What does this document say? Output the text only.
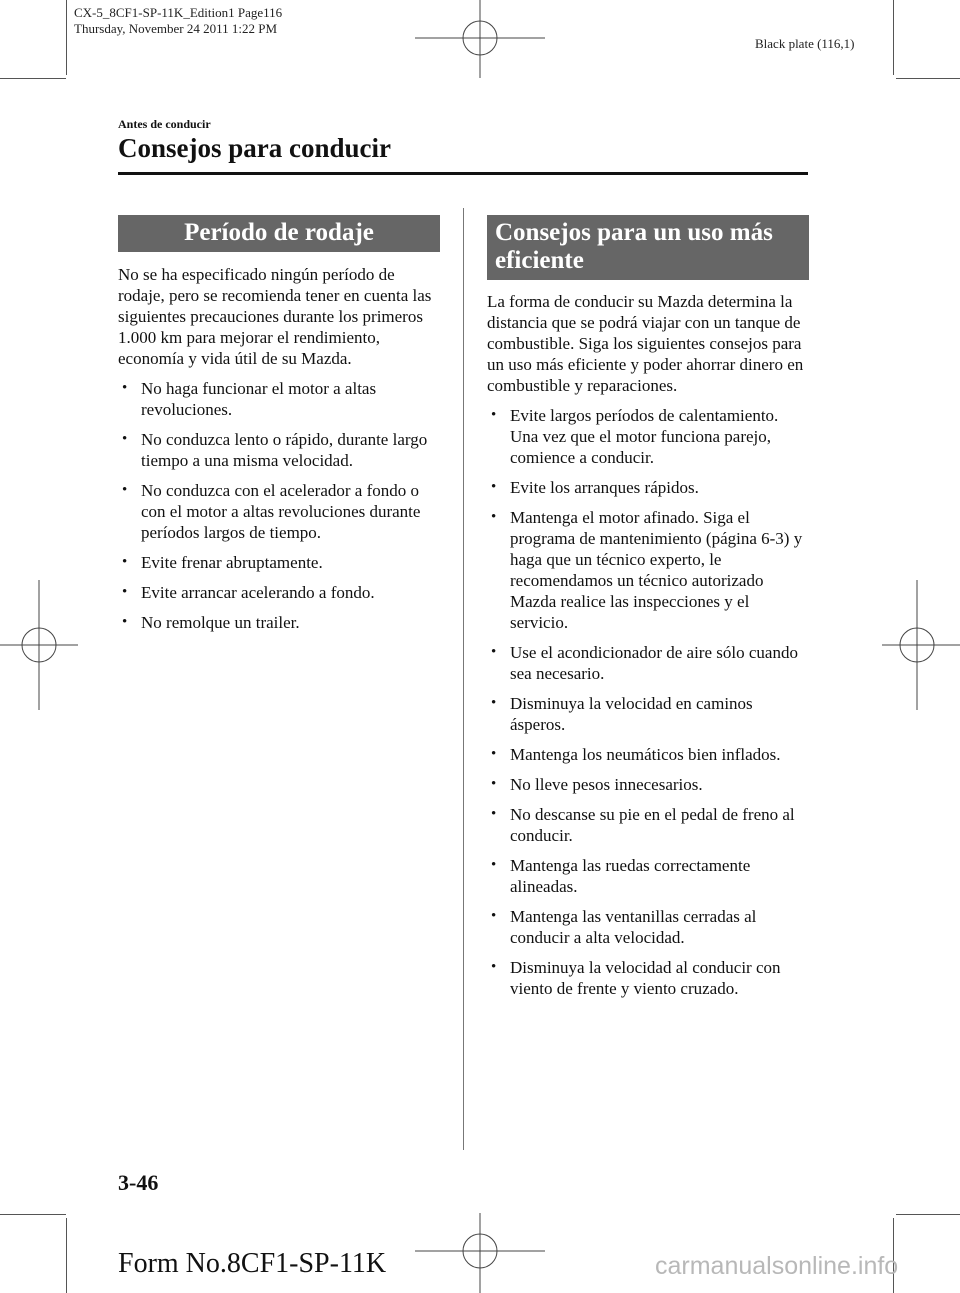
CX-5_8CF1-SP-11K_Edition1 Page116
Thursday, November 24 2011 1:22 PM
Black plate (116,1)
Antes de conducir
Consejos para conducir
Período de rodaje

No se ha especificado ningún período de rodaje, pero se recomienda tener en cuenta las siguientes precauciones durante los primeros 1.000 km para mejorar el rendimiento, economía y vida útil de su Mazda.

• No haga funcionar el motor a altas revoluciones.
• No conduzca lento o rápido, durante largo tiempo a una misma velocidad.
• No conduzca con el acelerador a fondo o con el motor a altas revoluciones durante períodos largos de tiempo.
• Evite frenar abruptamente.
• Evite arrancar acelerando a fondo.
• No remolque un trailer.
Consejos para un uso más eficiente

La forma de conducir su Mazda determina la distancia que se podrá viajar con un tanque de combustible. Siga los siguientes consejos para un uso más eficiente y poder ahorrar dinero en combustible y reparaciones.

• Evite largos períodos de calentamiento. Una vez que el motor funciona parejo, comience a conducir.
• Evite los arranques rápidos.
• Mantenga el motor afinado. Siga el programa de mantenimiento (página 6-3) y haga que un técnico experto, le recomendamos un técnico autorizado Mazda realice las inspecciones y el servicio.
• Use el acondicionador de aire sólo cuando sea necesario.
• Disminuya la velocidad en caminos ásperos.
• Mantenga los neumáticos bien inflados.
• No lleve pesos innecesarios.
• No descanse su pie en el pedal de freno al conducir.
• Mantenga las ruedas correctamente alineadas.
• Mantenga las ventanillas cerradas al conducir a alta velocidad.
• Disminuya la velocidad al conducir con viento de frente y viento cruzado.
3-46
Form No.8CF1-SP-11K	carmanualsonline.info
